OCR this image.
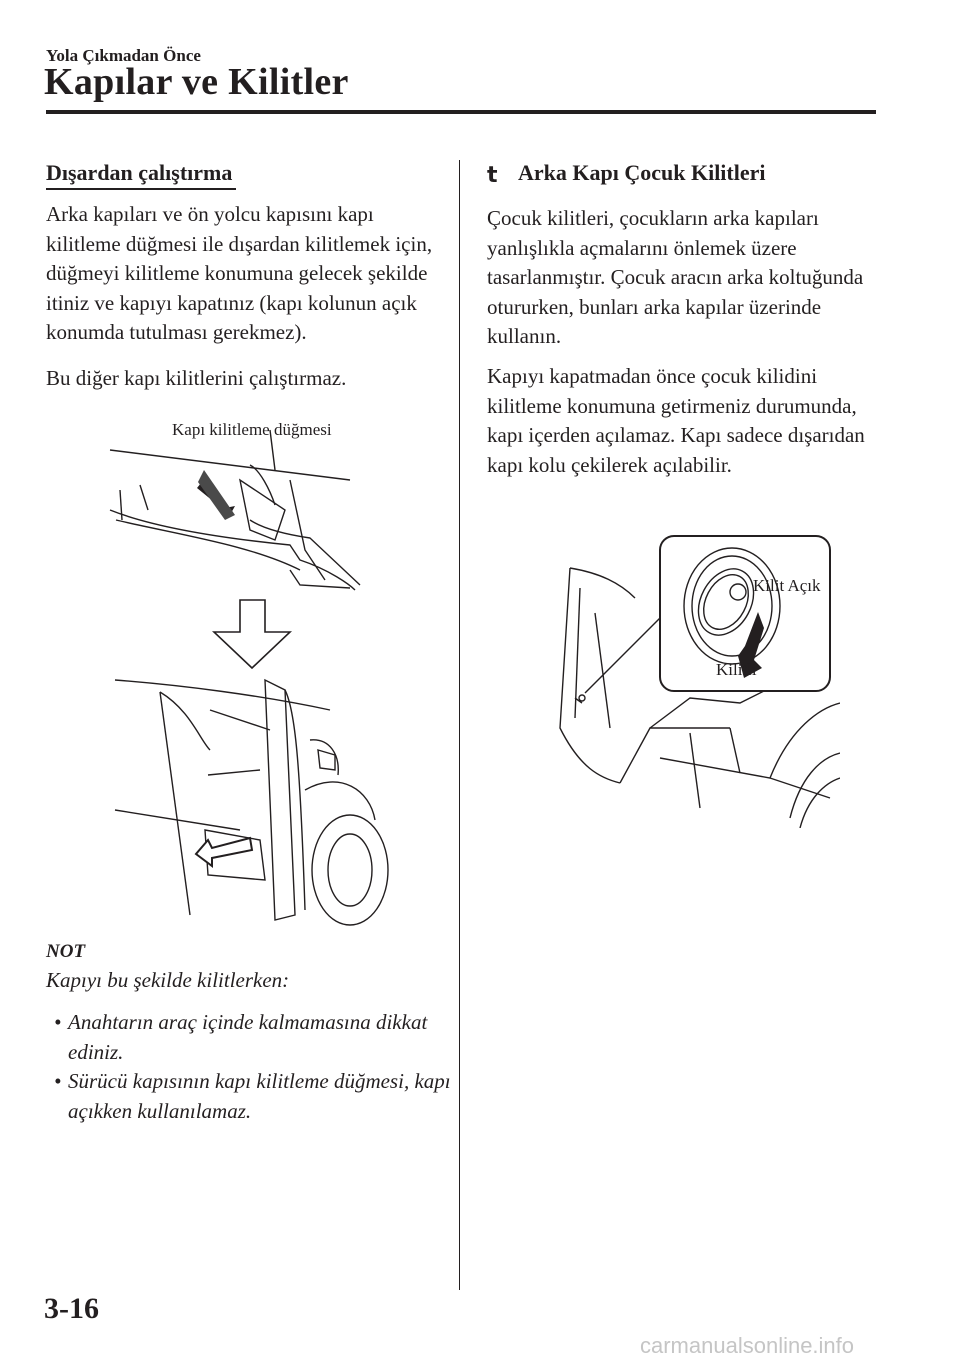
Yola Çıkmadan Önce
Kapılar ve Kilitler
Dışardan çalıştırma
Arka kapıları ve ön yolcu kapısını kapı kilitleme düğmesi ile dışardan kilitlemek için, düğmeyi kilitleme konumuna gelecek şekilde itiniz ve kapıyı kapatınız (kapı kolunun açık konumda tutulması gerekmez).
Bu diğer kapı kilitlerini çalıştırmaz.
Kapı kilitleme düğmesi
NOT
Kapıyı bu şekilde kilitlerken:
• Anahtarın araç içinde kalmamasına dikkat ediniz.
• Sürücü kapısının kapı kilitleme düğmesi, kapı açıkken kullanılamaz.
t Arka Kapı Çocuk Kilitleri
Çocuk kilitleri, çocukların arka kapıları yanlışlıkla açmalarını önlemek üzere tasarlanmıştır. Çocuk aracın arka koltuğunda otururken, bunları arka kapılar üzerinde kullanın.
Kapıyı kapatmadan önce çocuk kilidini kilitleme konumuna getirmeniz durumunda, kapı içerden açılamaz. Kapı sadece dışarıdan kapı kolu çekilerek açılabilir.
Kilit Açık
Kilitli
3-16
carmanualsonline.info
